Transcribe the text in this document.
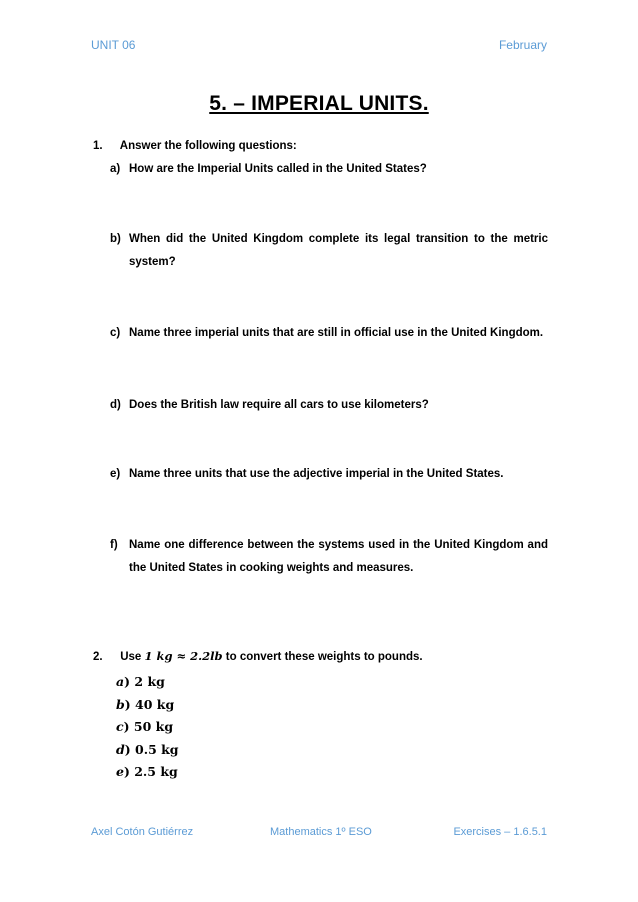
UNIT 06	February
5. – IMPERIAL UNITS.
1. Answer the following questions:
a) How are the Imperial Units called in the United States?
b) When did the United Kingdom complete its legal transition to the metric system?
c) Name three imperial units that are still in official use in the United Kingdom.
d) Does the British law require all cars to use kilometers?
e) Name three units that use the adjective imperial in the United States.
f) Name one difference between the systems used in the United Kingdom and the United States in cooking weights and measures.
2. Use 1 kg ≈ 2.2lb to convert these weights to pounds.
a) 2 kg
b) 40 kg
c) 50 kg
d) 0.5 kg
e) 2.5 kg
Axel Cotón Gutiérrez	Mathematics 1º ESO	Exercises – 1.6.5.1
